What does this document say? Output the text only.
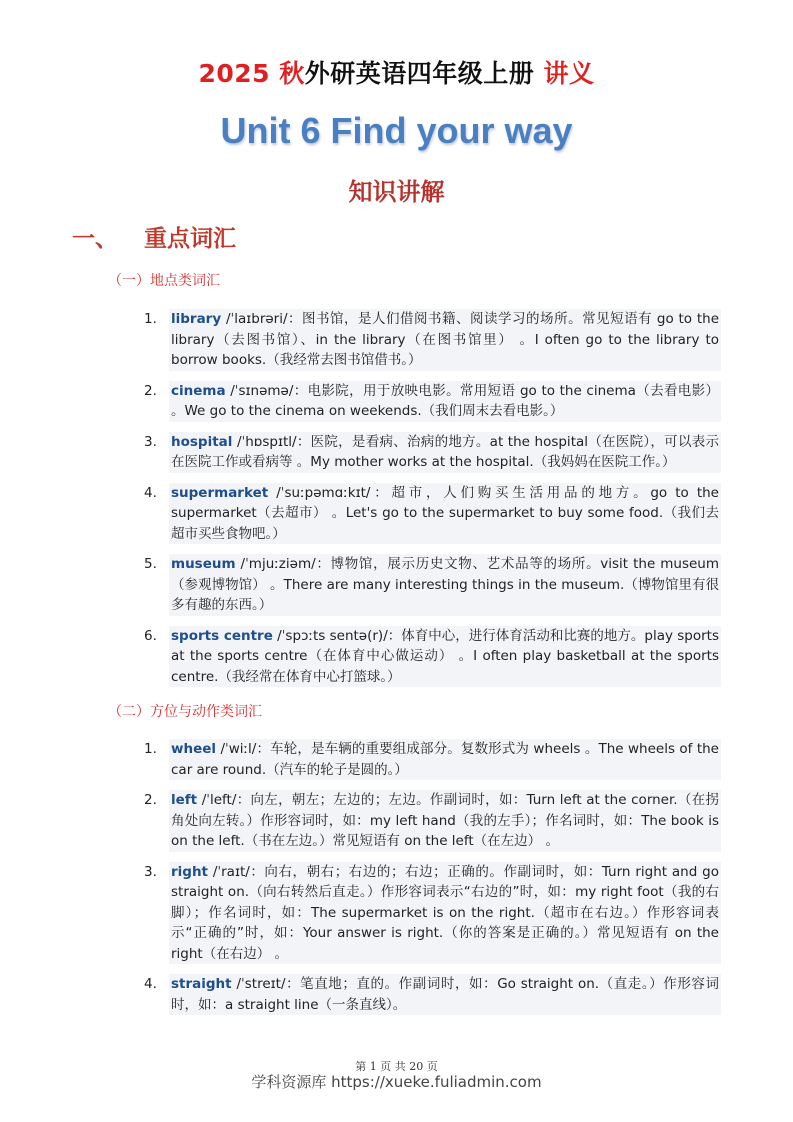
2025 秋外研英语四年级上册 讲义
Unit 6 Find your way
知识讲解
一、 重点词汇
（一）地点类词汇
1. library /ˈlaɪbrəri/：图书馆，是人们借阅书籍、阅读学习的场所。常见短语有 go to the library（去图书馆）、in the library（在图书馆里） 。I often go to the library to borrow books.（我经常去图书馆借书。）
2. cinema /ˈsɪnəmə/：电影院，用于放映电影。常用短语 go to the cinema（去看电影） 。We go to the cinema on weekends.（我们周末去看电影。）
3. hospital /ˈhɒspɪtl/：医院，是看病、治病的地方。at the hospital（在医院），可以表示在医院工作或看病等 。My mother works at the hospital.（我妈妈在医院工作。）
4. supermarket /ˈsuːpəmɑːkɪt/：超市，人们购买生活用品的地方。go to the supermarket（去超市） 。Let's go to the supermarket to buy some food.（我们去超市买些食物吧。）
5. museum /ˈmjuːziəm/：博物馆，展示历史文物、艺术品等的场所。visit the museum（参观博物馆） 。There are many interesting things in the museum.（博物馆里有很多有趣的东西。）
6. sports centre /ˈspɔːts sentə(r)/：体育中心，进行体育活动和比赛的地方。play sports at the sports centre（在体育中心做运动） 。I often play basketball at the sports centre.（我经常在体育中心打篮球。）
（二）方位与动作类词汇
1. wheel /ˈwiːl/：车轮，是车辆的重要组成部分。复数形式为 wheels 。The wheels of the car are round.（汽车的轮子是圆的。）
2. left /ˈleft/：向左，朝左；左边的；左边。作副词时，如：Turn left at the corner.（在拐角处向左转。）作形容词时，如：my left hand（我的左手）；作名词时，如：The book is on the left.（书在左边。）常见短语有 on the left（在左边） 。
3. right /ˈraɪt/：向右，朝右；右边的；右边；正确的。作副词时，如：Turn right and go straight on.（向右转然后直走。）作形容词表示“右边的”时，如：my right foot（我的右脚）；作名词时，如：The supermarket is on the right.（超市在右边。）作形容词表示“正确的”时，如：Your answer is right.（你的答案是正确的。）常见短语有 on the right（在右边） 。
4. straight /ˈstreɪt/：笔直地；直的。作副词时，如：Go straight on.（直走。）作形容词时，如：a straight line（一条直线）。
第 1 页 共 20 页
学科资源库 https://xueke.fuliadmin.com
